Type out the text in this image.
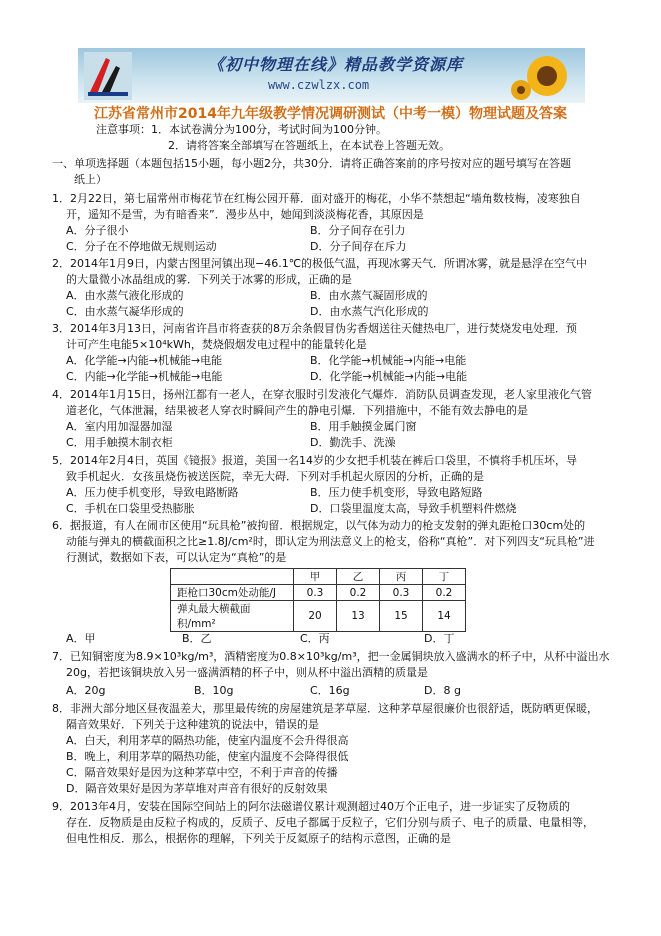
《初中物理在线》精品教学资源库
www.czwlzx.com
江苏省常州市2014年九年级教学情况调研测试（中考一模）物理试题及答案
注意事项：1．本试卷满分为100分，考试时间为100分钟。
2．请将答案全部填写在答题纸上，在本试卷上答题无效。
一、单项选择题（本题包括15小题，每小题2分，共30分．请将正确答案前的序号按对应的题号填写在答题
纸上）
1．2月22日，第七届常州市梅花节在红梅公园开幕．面对盛开的梅花，小华不禁想起“墙角数枝梅，凌寒独自
开，遥知不是雪，为有暗香来”．漫步丛中，她闻到淡淡梅花香，其原因是
A．分子很小	B．分子间存在引力
C．分子在不停地做无规则运动	D．分子间存在斥力
2．2014年1月9日，内蒙古图里河镇出现−46.1℃的极低气温，再现冰雾天气．所谓冰雾，就是悬浮在空气中
的大量微小冰晶组成的雾．下列关于冰雾的形成，正确的是
A．由水蒸气液化形成的	B．由水蒸气凝固形成的
C．由水蒸气凝华形成的	D．由水蒸气汽化形成的
3．2014年3月13日，河南省许昌市将查获的8万余条假冒伪劣香烟送往天健热电厂，进行焚烧发电处理．预
计可产生电能5×10⁴kWh，焚烧假烟发电过程中的能量转化是
A．化学能→内能→机械能→电能	B．化学能→机械能→内能→电能
C．内能→化学能→机械能→电能	D．化学能→机械能→内能→电能
4．2014年1月15日，扬州江都有一老人，在穿衣服时引发液化气爆炸．消防队员调查发现，老人家里液化气管
道老化，气体泄漏，结果被老人穿衣时瞬间产生的静电引爆．下列措施中，不能有效去静电的是
A．室内用加湿器加湿	B．用手触摸金属门窗
C．用手触摸木制衣柜	D．勤洗手、洗澡
5．2014年2月4日，英国《镜报》报道，美国一名14岁的少女把手机装在裤后口袋里，不慎将手机压坏，导
致手机起火．女孩虽烧伤被送医院，幸无大碍．下列对手机起火原因的分析，正确的是
A．压力使手机变形，导致电路断路	B．压力使手机变形，导致电路短路
C．手机在口袋里受热膨胀	D．口袋里温度太高，导致手机塑料件燃烧
6．据报道，有人在闹市区使用“玩具枪”被拘留．根据规定，以气体为动力的枪支发射的弹丸距枪口30cm处的
动能与弹丸的横截面积之比≥1.8J/cm²时，即认定为刑法意义上的枪支，俗称“真枪”．对下列四支“玩具枪”进
行测试，数据如下表，可以认定为“真枪”的是
	甲	乙	丙	丁
距枪口30cm处动能/J	0.3	0.2	0.3	0.2
弹丸最大横截面积/mm²	20	13	15	14
A．甲	B．乙	C．丙	D．丁
7．已知铜密度为8.9×10³kg/m³，酒精密度为0.8×10³kg/m³，把一金属铜块放入盛满水的杯子中，从杯中溢出水
20g，若把该铜块放入另一盛满酒精的杯子中，则从杯中溢出酒精的质量是
A．20g	B．10g	C．16g	D．8 g
8．非洲大部分地区昼夜温差大，那里最传统的房屋建筑是茅草屋．这种茅草屋很廉价也很舒适，既防晒更保暖，
隔音效果好．下列关于这种建筑的说法中，错误的是
A．白天，利用茅草的隔热功能，使室内温度不会升得很高
B．晚上，利用茅草的隔热功能，使室内温度不会降得很低
C．隔音效果好是因为这种茅草中空，不利于声音的传播
D．隔音效果好是因为茅草堆对声音有很好的反射效果
9．2013年4月，安装在国际空间站上的阿尔法磁谱仪累计观测超过40万个正电子，进一步证实了反物质的
存在．反物质是由反粒子构成的，反质子、反电子都属于反粒子，它们分别与质子、电子的质量、电量相等，
但电性相反．那么，根据你的理解，下列关于反氦原子的结构示意图，正确的是
